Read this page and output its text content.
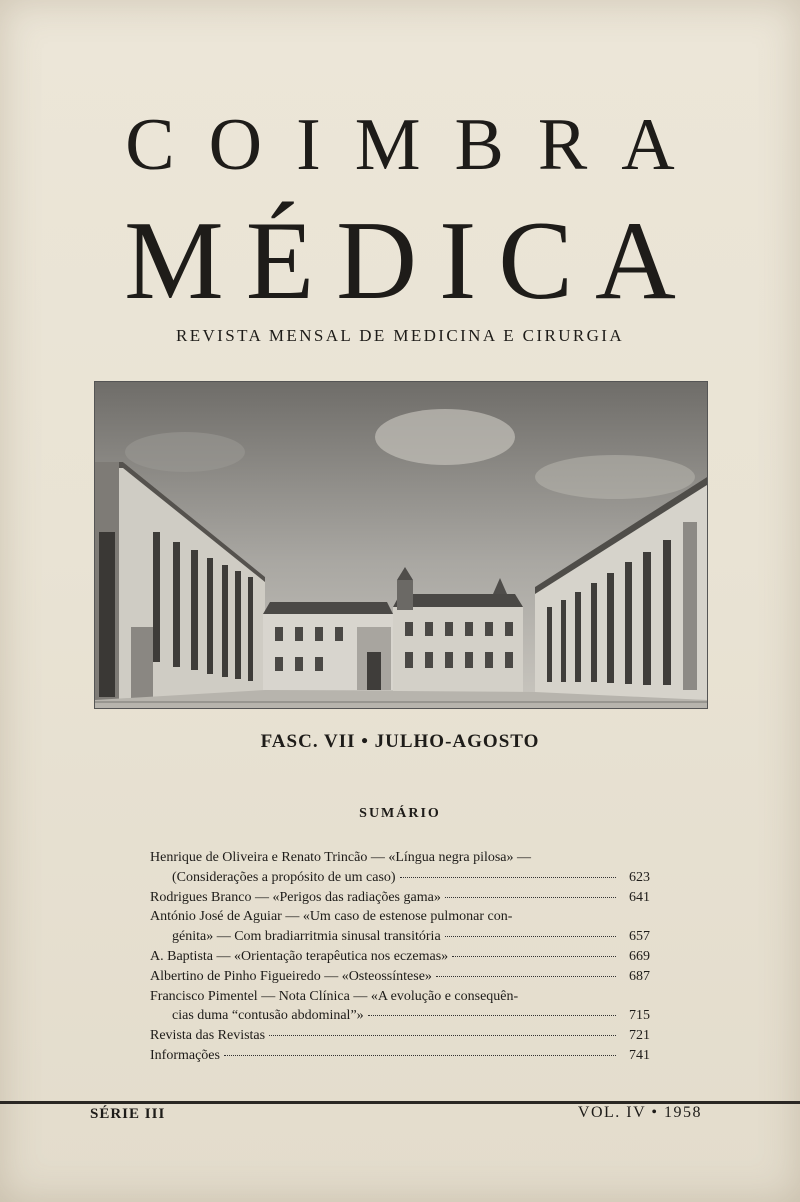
COIMBRA
MÉDICA
REVISTA MENSAL DE MEDICINA E CIRURGIA
FASC. VII • JULHO-AGOSTO
SUMÁRIO
Henrique de Oliveira e Renato Trincão — «Língua negra pilosa» —
(Considerações a propósito de um caso)	623
Rodrigues Branco — «Perigos das radiações gama»	641
António José de Aguiar — «Um caso de estenose pulmonar con-
génita» — Com bradiarritmia sinusal transitória	657
A. Baptista — «Orientação terapêutica nos eczemas»	669
Albertino de Pinho Figueiredo — «Osteossíntese»	687
Francisco Pimentel — Nota Clínica — «A evolução e consequên-
cias duma “contusão abdominal”»	715
Revista das Revistas	721
Informações	741
SÉRIE III	VOL. IV • 1958
